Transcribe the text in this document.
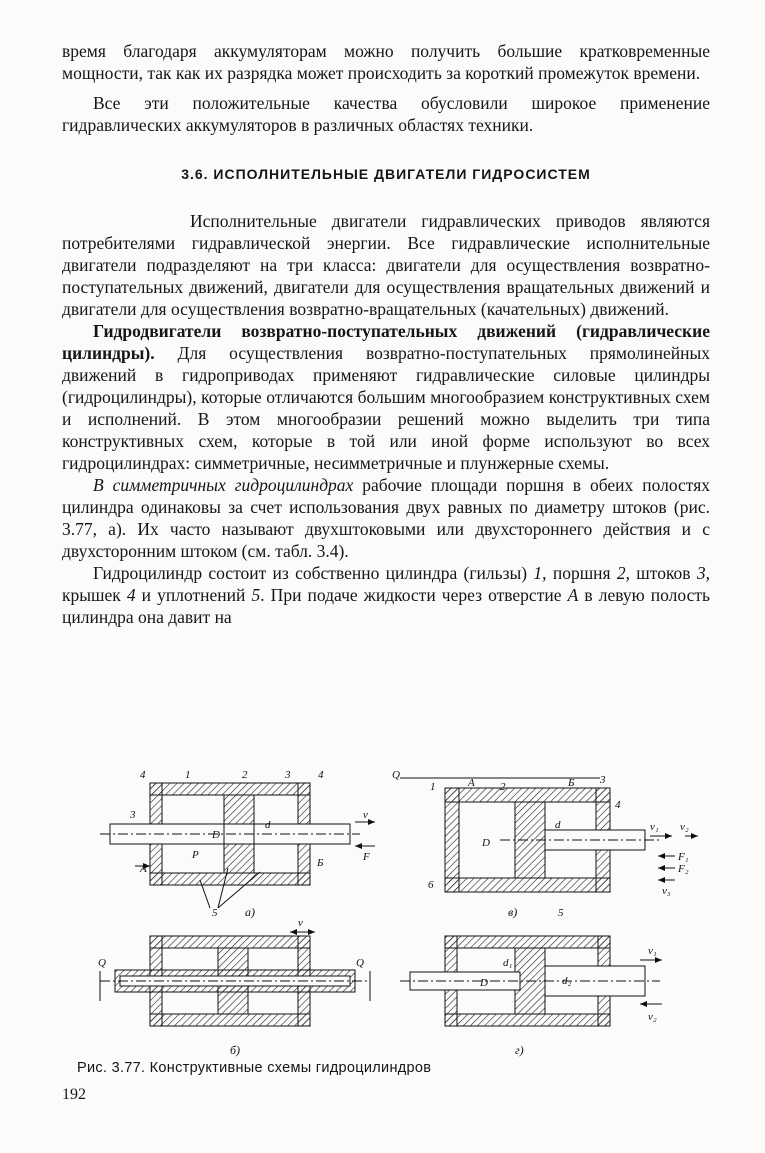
время благодаря аккумуляторам можно получить большие кратковременные мощности, так как их разрядка может происходить за короткий промежуток времени.

Все эти положительные качества обусловили широкое применение гидравлических аккумуляторов в различных областях техники.

3.6. ИСПОЛНИТЕЛЬНЫЕ ДВИГАТЕЛИ ГИДРОСИСТЕМ

Исполнительные двигатели гидравлических приводов являются потребителями гидравлической энергии. Все гидравлические исполнительные двигатели подразделяют на три класса: двигатели для осуществления возвратно-поступательных движений, двигатели для осуществления вращательных движений и двигатели для осуществления возвратно-вращательных (качательных) движений.

Гидродвигатели возвратно-поступательных движений (гидравлические цилиндры). Для осуществления возвратно-поступательных прямолинейных движений в гидроприводах применяют гидравлические силовые цилиндры (гидроцилиндры), которые отличаются большим многообразием конструктивных схем и исполнений. В этом многообразии решений можно выделить три типа конструктивных схем, которые в той или иной форме используют во всех гидроцилиндрах: симметричные, несимметричные и плунжерные схемы.

В симметричных гидроцилиндрах рабочие площади поршня в обеих полостях цилиндра одинаковы за счет использования двух равных по диаметру штоков (рис. 3.77, а). Их часто называют двухштоковыми или двухстороннего действия и с двухсторонним штоком (см. табл. 3.4).

Гидроцилиндр состоит из собственно цилиндра (гильзы) 1, поршня 2, штоков 3, крышек 4 и уплотнений 5. При подаче жидкости через отверстие А в левую полость цилиндра она давит на

4	1	2	3	4
3
5
A
P
Б
D
d
v
F
а)
Q
1	2
3
4
6
5
A	Б
D
d	v₁ v₂
F₁
F₂
v₃
в)
Q	Q
v
б)
D
d₁
d₂
v₁
v₂
г)
Рис. 3.77. Конструктивные схемы гидроцилиндров
192
